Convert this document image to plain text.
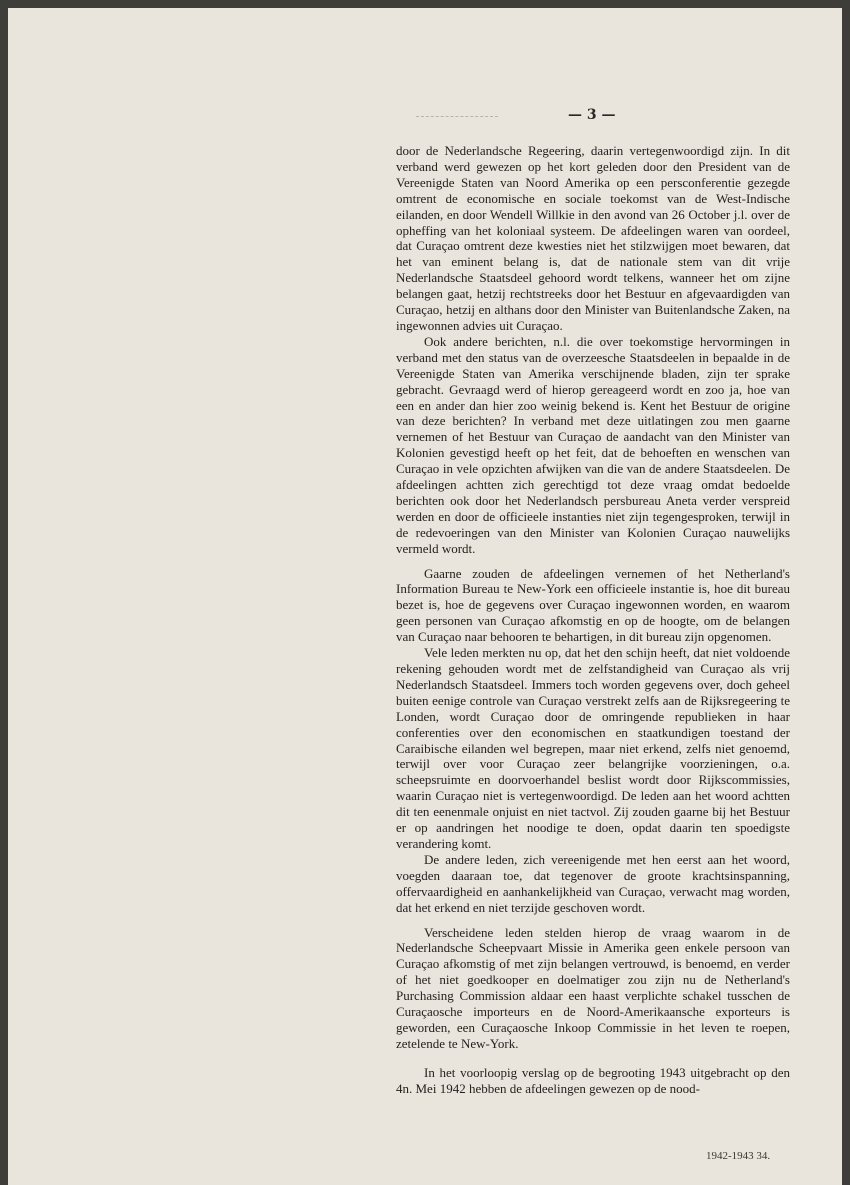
— 3 —

door de Nederlandsche Regeering, daarin vertegenwoordigd zijn. In dit verband werd gewezen op het kort geleden door den President van de Vereenigde Staten van Noord Amerika op een persconferentie gezegde omtrent de economische en sociale toekomst van de West-Indische eilanden, en door Wendell Willkie in den avond van 26 October j.l. over de opheffing van het koloniaal systeem. De afdeelingen waren van oordeel, dat Curaçao omtrent deze kwesties niet het stilzwijgen moet bewaren, dat het van eminent belang is, dat de nationale stem van dit vrije Nederlandsche Staatsdeel gehoord wordt telkens, wanneer het om zijne belangen gaat, hetzij rechtstreeks door het Bestuur en afgevaardigden van Curaçao, hetzij en althans door den Minister van Buitenlandsche Zaken, na ingewonnen advies uit Curaçao.

Ook andere berichten, n.l. die over toekomstige hervormingen in verband met den status van de overzeesche Staatsdeelen in bepaalde in de Vereenigde Staten van Amerika verschijnende bladen, zijn ter sprake gebracht. Gevraagd werd of hierop gereageerd wordt en zoo ja, hoe van een en ander dan hier zoo weinig bekend is. Kent het Bestuur de origine van deze berichten? In verband met deze uitlatingen zou men gaarne vernemen of het Bestuur van Curaçao de aandacht van den Minister van Kolonien gevestigd heeft op het feit, dat de behoeften en wenschen van Curaçao in vele opzichten afwijken van die van de andere Staatsdeelen. De afdeelingen achtten zich gerechtigd tot deze vraag omdat bedoelde berichten ook door het Nederlandsch persbureau Aneta verder verspreid werden en door de officieele instanties niet zijn tegengesproken, terwijl in de redevoeringen van den Minister van Kolonien Curaçao nauwelijks vermeld wordt.

Gaarne zouden de afdeelingen vernemen of het Netherland's Information Bureau te New-York een officieele instantie is, hoe dit bureau bezet is, hoe de gegevens over Curaçao ingewonnen worden, en waarom geen personen van Curaçao afkomstig en op de hoogte, om de belangen van Curaçao naar behooren te behartigen, in dit bureau zijn opgenomen.

Vele leden merkten nu op, dat het den schijn heeft, dat niet voldoende rekening gehouden wordt met de zelfstandigheid van Curaçao als vrij Nederlandsch Staatsdeel. Immers toch worden gegevens over, doch geheel buiten eenige controle van Curaçao verstrekt zelfs aan de Rijksregeering te Londen, wordt Curaçao door de omringende republieken in haar conferenties over den economischen en staatkundigen toestand der Caraibische eilanden wel begrepen, maar niet erkend, zelfs niet genoemd, terwijl over voor Curaçao zeer belangrijke voorzieningen, o.a. scheepsruimte en doorvoerhandel beslist wordt door Rijkscommissies, waarin Curaçao niet is vertegenwoordigd. De leden aan het woord achtten dit ten eenenmale onjuist en niet tactvol. Zij zouden gaarne bij het Bestuur er op aandringen het noodige te doen, opdat daarin ten spoedigste verandering komt.

De andere leden, zich vereenigende met hen eerst aan het woord, voegden daaraan toe, dat tegenover de groote krachtsinspanning, offervaardigheid en aanhankelijkheid van Curaçao, verwacht mag worden, dat het erkend en niet terzijde geschoven wordt.

Verscheidene leden stelden hierop de vraag waarom in de Nederlandsche Scheepvaart Missie in Amerika geen enkele persoon van Curaçao afkomstig of met zijn belangen vertrouwd, is benoemd, en verder of het niet goedkooper en doelmatiger zou zijn nu de Netherland's Purchasing Commission aldaar een haast verplichte schakel tusschen de Curaçaosche importeurs en de Noord-Amerikaansche exporteurs is geworden, een Curaçaosche Inkoop Commissie in het leven te roepen, zetelende te New-York.

In het voorloopig verslag op de begrooting 1943 uitgebracht op den 4n. Mei 1942 hebben de afdeelingen gewezen op de nood-

1942-1943 34.
